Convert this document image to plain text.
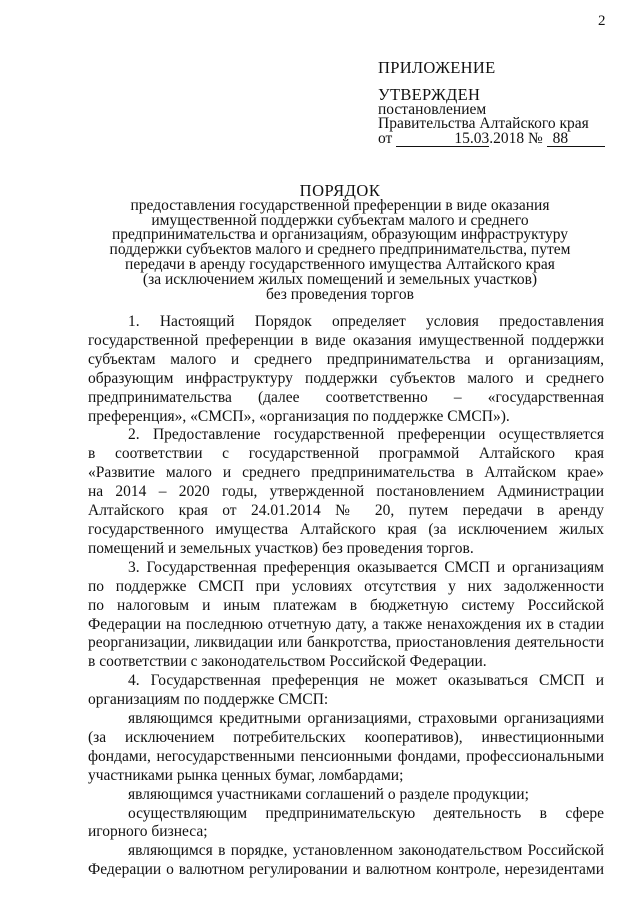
2
ПРИЛОЖЕНИЕ
УТВЕРЖДЕН
постановлением
Правительства Алтайского края
от	15.03.2018 № 88
ПОРЯДОК
предоставления государственной преференции в виде оказания
имущественной поддержки субъектам малого и среднего
предпринимательства и организациям, образующим инфраструктуру
поддержки субъектов малого и среднего предпринимательства, путем
передачи в аренду государственного имущества Алтайского края
(за исключением жилых помещений и земельных участков)
без проведения торгов
1. Настоящий Порядок определяет условия предоставления
государственной преференции в виде оказания имущественной поддержки
субъектам малого и среднего предпринимательства и организациям,
образующим инфраструктуру поддержки субъектов малого и среднего
предпринимательства (далее соответственно – «государственная
преференция», «СМСП», «организация по поддержке СМСП»).
2. Предоставление государственной преференции осуществляется
в соответствии с государственной программой Алтайского края
«Развитие малого и среднего предпринимательства в Алтайском крае»
на 2014 – 2020 годы, утвержденной постановлением Администрации
Алтайского края от 24.01.2014 № 20, путем передачи в аренду
государственного имущества Алтайского края (за исключением жилых
помещений и земельных участков) без проведения торгов.
3. Государственная преференция оказывается СМСП и организациям
по поддержке СМСП при условиях отсутствия у них задолженности
по налоговым и иным платежам в бюджетную систему Российской
Федерации на последнюю отчетную дату, а также ненахождения их в стадии
реорганизации, ликвидации или банкротства, приостановления деятельности
в соответствии с законодательством Российской Федерации.
4. Государственная преференция не может оказываться СМСП и
организациям по поддержке СМСП:
являющимся кредитными организациями, страховыми организациями
(за исключением потребительских кооперативов), инвестиционными
фондами, негосударственными пенсионными фондами, профессиональными
участниками рынка ценных бумаг, ломбардами;
являющимся участниками соглашений о разделе продукции;
осуществляющим предпринимательскую деятельность в сфере
игорного бизнеса;
являющимся в порядке, установленном законодательством Российской
Федерации о валютном регулировании и валютном контроле, нерезидентами
